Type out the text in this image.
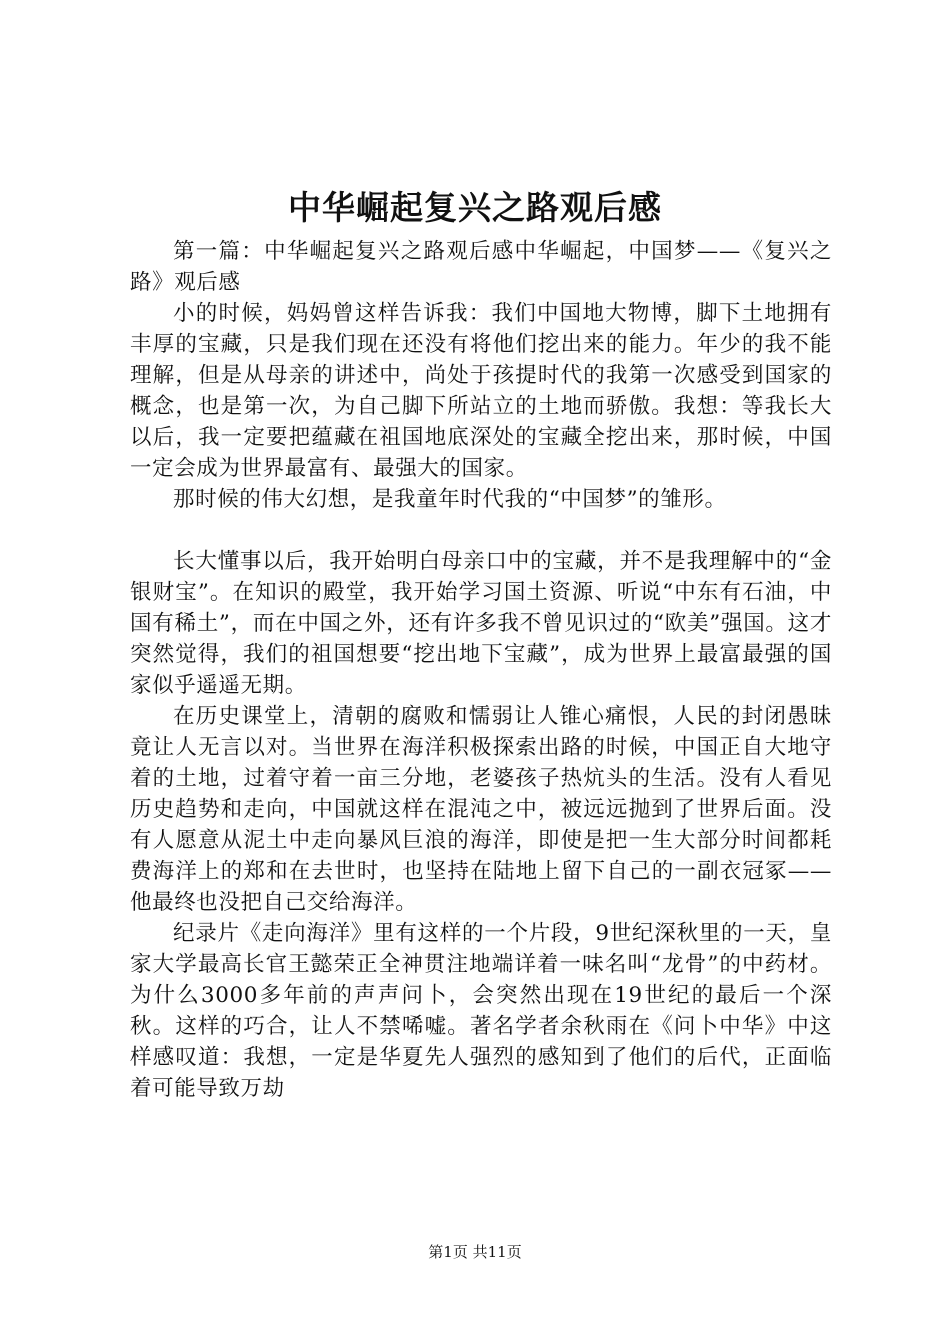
中华崛起复兴之路观后感

第一篇：中华崛起复兴之路观后感中华崛起，中国梦——《复兴之路》观后感

小的时候，妈妈曾这样告诉我：我们中国地大物博，脚下土地拥有丰厚的宝藏，只是我们现在还没有将他们挖出来的能力。年少的我不能理解，但是从母亲的讲述中，尚处于孩提时代的我第一次感受到国家的概念，也是第一次，为自己脚下所站立的土地而骄傲。我想：等我长大以后，我一定要把蕴藏在祖国地底深处的宝藏全挖出来，那时候，中国一定会成为世界最富有、最强大的国家。

那时候的伟大幻想，是我童年时代我的“中国梦”的雏形。

长大懂事以后，我开始明白母亲口中的宝藏，并不是我理解中的“金银财宝”。在知识的殿堂，我开始学习国土资源、听说“中东有石油，中国有稀土”，而在中国之外，还有许多我不曾见识过的“欧美”强国。这才突然觉得，我们的祖国想要“挖出地下宝藏”，成为世界上最富最强的国家似乎遥遥无期。

在历史课堂上，清朝的腐败和懦弱让人锥心痛恨，人民的封闭愚昧竟让人无言以对。当世界在海洋积极探索出路的时候，中国正自大地守着的土地，过着守着一亩三分地，老婆孩子热炕头的生活。没有人看见历史趋势和走向，中国就这样在混沌之中，被远远抛到了世界后面。没有人愿意从泥土中走向暴风巨浪的海洋，即使是把一生大部分时间都耗费海洋上的郑和在去世时，也坚持在陆地上留下自己的一副衣冠冢——他最终也没把自己交给海洋。

纪录片《走向海洋》里有这样的一个片段，9世纪深秋里的一天，皇家大学最高长官王懿荣正全神贯注地端详着一味名叫“龙骨”的中药材。为什么3000多年前的声声问卜，会突然出现在19世纪的最后一个深秋。这样的巧合，让人不禁唏嘘。著名学者余秋雨在《问卜中华》中这样感叹道：我想，一定是华夏先人强烈的感知到了他们的后代，正面临着可能导致万劫

第1页 共11页
